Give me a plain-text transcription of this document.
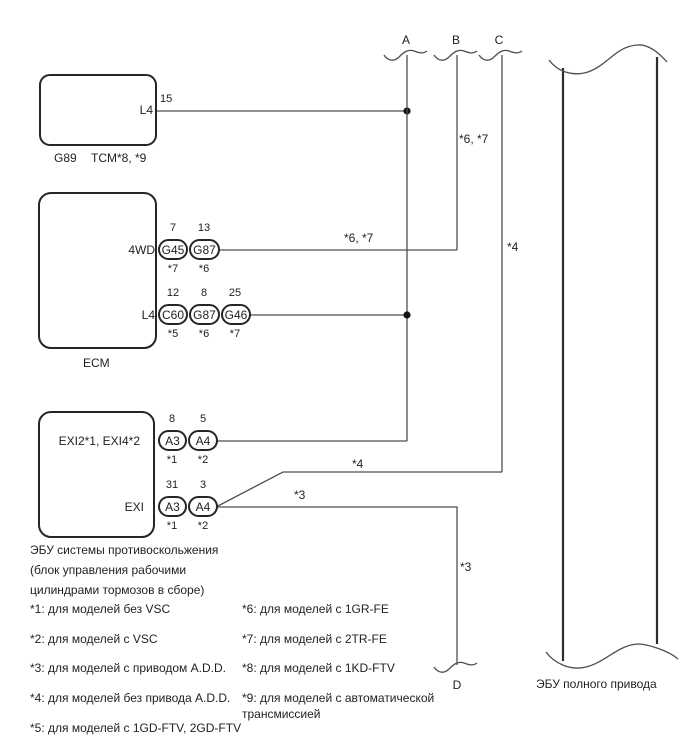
A	B	C
D
L4
15
G89 TCM*8, *9
ECM
4WD
7 13
G45 G87
*7 *6
L4
12 8 25
C60 G87 G46
*5 *6 *7
EXI2*1, EXI4*2
8 5
A3	A4
*1 *2
EXI
31 3
A3	A4
*1 *2
ЭБУ системы противоскольжения
(блок управления рабочими
цилиндрами тормозов в сборе)
*6, *7
*6, *7
*4
*4
*3
*3
ЭБУ полного привода
*1: для моделей без VSC
*2: для моделей с VSC
*3: для моделей с приводом A.D.D.
*4: для моделей без привода A.D.D.
*5: для моделей с 1GD-FTV, 2GD-FTV
*6: для моделей с 1GR-FE
*7: для моделей с 2TR-FE
*8: для моделей с 1KD-FTV
*9: для моделей с автоматической трансмиссией
